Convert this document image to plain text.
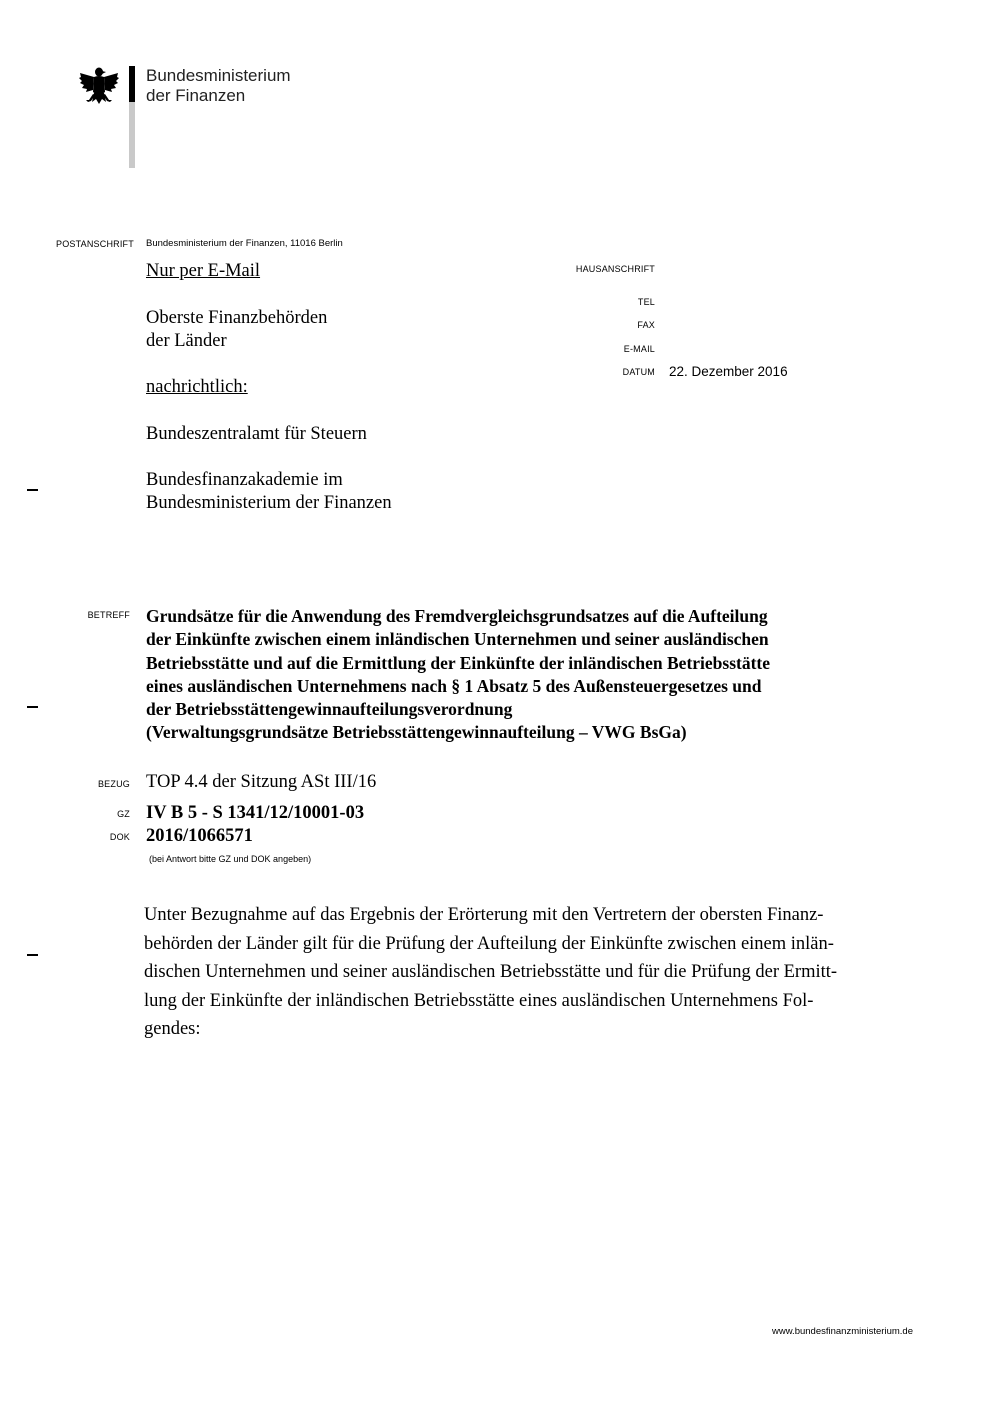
Bundesministerium
der Finanzen
POSTANSCHRIFT Bundesministerium der Finanzen, 11016 Berlin
Nur per E-Mail
Oberste Finanzbehörden
der Länder
nachrichtlich:
Bundeszentralamt für Steuern
Bundesfinanzakademie im
Bundesministerium der Finanzen
HAUSANSCHRIFT
TEL
FAX
E-MAIL
DATUM 22. Dezember 2016
BETREFF Grundsätze für die Anwendung des Fremdvergleichsgrundsatzes auf die Aufteilung
der Einkünfte zwischen einem inländischen Unternehmen und seiner ausländischen
Betriebsstätte und auf die Ermittlung der Einkünfte der inländischen Betriebsstätte
eines ausländischen Unternehmens nach § 1 Absatz 5 des Außensteuergesetzes und
der Betriebsstättengewinnaufteilungsverordnung
(Verwaltungsgrundsätze Betriebsstättengewinnaufteilung – VWG BsGa)
BEZUG TOP 4.4 der Sitzung ASt III/16
GZ IV B 5 - S 1341/12/10001-03
DOK 2016/1066571
(bei Antwort bitte GZ und DOK angeben)

Unter Bezugnahme auf das Ergebnis der Erörterung mit den Vertretern der obersten Finanz-

behörden der Länder gilt für die Prüfung der Aufteilung der Einkünfte zwischen einem inlän-

dischen Unternehmen und seiner ausländischen Betriebsstätte und für die Prüfung der Ermitt-

lung der Einkünfte der inländischen Betriebsstätte eines ausländischen Unternehmens Fol-

gendes:

www.bundesfinanzministerium.de
